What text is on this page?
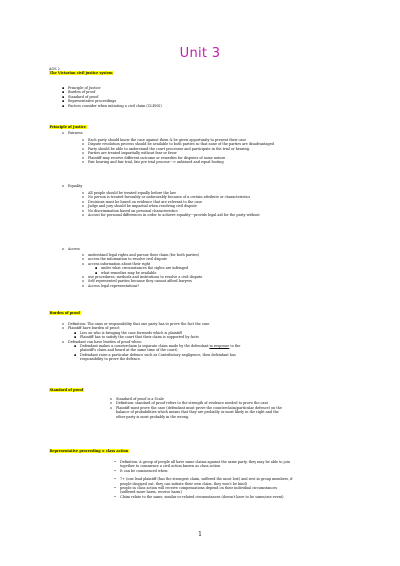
Unit 3
AOS 2
The Victorian civil justice system
▪ Principle of Justice
▪ Burden of proof
▪ Standard of proof
▪ Representative proceedings
▪ Factors consider when initiating a civil claim (CLENS)
Principle of Justice
o Fairness
o Each party should know the case against them & be given opportunity to present their case
o Dispute resolution process should be available to both parties so that none of the parties are disadvantaged
o Party should be able to understand the court processes and participate in the trial or hearing.
o Parties are treated impartially without fear or favor
o Plaintiff may receive different outcome or remedies for disputes of same nature
o Fair hearing and fair trial, fair pre trial process---> unbiased and equal footing
o Equality
o All people should be treated equally before the law
o No person is treated favorably or unfavorably because of a certain attribute or characteristics
o Decisions must be based on evidence that are relevant to the case
o Judge and jury should be impartial when resolving civil dispute
o No discrimination based on personal characteristics
o Accout for personal differences in order to achieve equality---provide legal aid for the party without
o Access
o understand legal rights and pursue their claim (for both parties)
o access the information to resolve civil dispute
o access information about their right
▪ under what circumstances the rights are infringed
▪ what remedies may be available
o use procedures, methods and institutions to resolve a civil dispute
o Self represented parties because they cannot afford lawyers
o Access legal representations?
Burden of proof
o Definition: The onus or responsibility that one party has to prove the fact the case
o Plaintiff have burden of proof:
▪ Lies on who is bringing the case forwards which is plaintiff
▪ Plaintiff has to satisfy the court that their claim is supported by facts
o Defendant can have burden of proof when:
▪ Defendant makes a counterclaim (a separate claim made by the defendant in response to the
plaintiff's claim and heard at the same time of the court)
▪ Defendant raise a particular defence such as Contributory negligence, then defendant has
responsibility to prove the defence.
Standard of proof
o Standard of proof is a Scale
o Definition: standard of proof refers to the strength of evidence needed to prove the case
o Plaintiff must prove the case (defendant must prove the counterclaim/particular defence) on the
balance of probabilities which means that they are probably or most likely in the right and the
other party is most probably in the wrong.
Representative proceeding = class action
• Definition: A group of people all have same claims against the same party, they may be able to join
together to commence a civil action known as class action
• It can be commenced when:
• 7+ (one lead plaintiff (has the strongest claim, suffered the most lost) and rest in group members, if
people dropped out, they can initiate their own claim, they won't be bind)
• people in class action will receive compensations depend on their individual circumstances
(suffered more harm, receive harm)
• Claim relate to the same, similar or related circumstances (doesn't have to be same/one event)
1
